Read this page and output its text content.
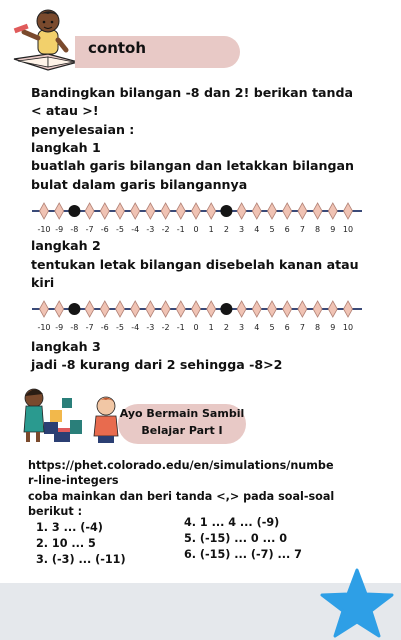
contoh
Bandingkan bilangan -8 dan 2! berikan tanda
< atau >!
penyelesaian :
langkah 1
buatlah garis bilangan dan letakkan bilangan
bulat dalam garis bilangannya
-10 -9 -8 -7 -6 -5 -4 -3 -2 -1 0 1 2 3 4 5 6 7 8 9 10
langkah 2
tentukan letak bilangan disebelah kanan atau
kiri
-10 -9 -8 -7 -6 -5 -4 -3 -2 -1 0 1 2 3 4 5 6 7 8 9 10
langkah 3
jadi -8 kurang dari 2 sehingga -8>2
Ayo Bermain Sambil
Belajar Part I
https://phet.colorado.edu/en/simulations/numbe
r-line-integers
coba mainkan dan beri tanda <,> pada soal-soal
berikut :
1. 3 ... (-4)
2. 10 ... 5
3. (-3) ... (-11)
4. 1 ... 4 ... (-9)
5. (-15) ... 0 ... 0
6. (-15) ... (-7) ... 7
